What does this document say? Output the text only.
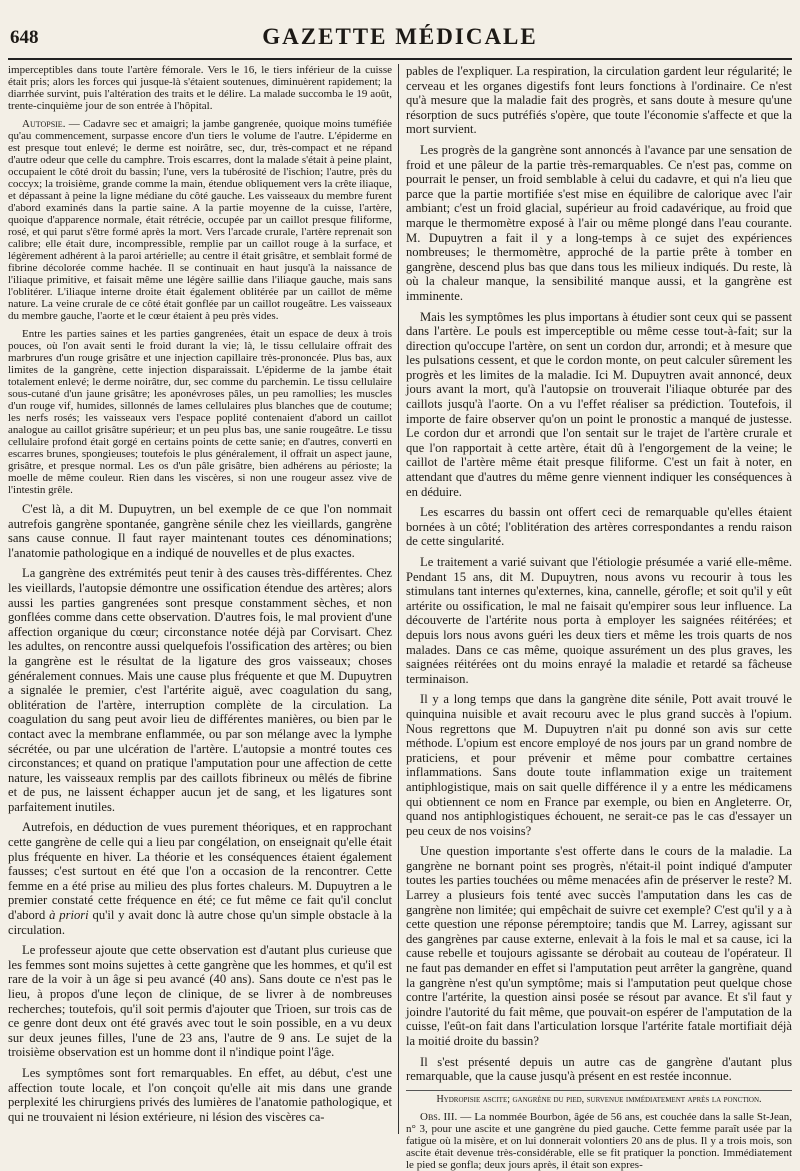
648	GAZETTE MÉDICALE

imperceptibles dans toute l'artère fémorale. Vers le 16, le tiers inférieur de la cuisse était pris; alors les forces qui jusque-là s'étaient soutenues, diminuèrent rapidement; la diarrhée survint, puis l'altération des traits et le délire. La malade succomba le 19 août, trente-cinquième jour de son entrée à l'hôpital.

Autopsie. — Cadavre sec et amaigri; la jambe gangrenée, quoique moins tuméfiée qu'au commencement, surpasse encore d'un tiers le volume de l'autre. L'épiderme en est presque tout enlevé; le derme est noirâtre, sec, dur, très-compact et ne répand d'autre odeur que celle du camphre. Trois escarres, dont la malade s'était à peine plaint, occupaient le côté droit du bassin; l'une, vers la tubérosité de l'ischion; l'autre, près du coccyx; la troisième, grande comme la main, étendue obliquement vers la crête iliaque, et dépassant à peine la ligne médiane du côté gauche. Les vaisseaux du membre furent d'abord examinés dans la partie saine. A la partie moyenne de la cuisse, l'artère, quoique d'apparence normale, était rétrécie, occupée par un caillot presque filiforme, rosé, et qui parut s'être formé après la mort. Vers l'arcade crurale, l'artère reprenait son calibre; elle était dure, incompressible, remplie par un caillot rouge à la surface, et légèrement adhérent à la paroi artérielle; au centre il était grisâtre, et semblait formé de fibrine décolorée comme hachée. Il se continuait en haut jusqu'à la naissance de l'iliaque primitive, et faisait même une légère saillie dans l'iliaque gauche, mais sans l'oblitérer. L'iliaque interne droite était également oblitérée par un caillot de même nature. La veine crurale de ce côté était gonflée par un caillot rougeâtre. Les vaisseaux du membre gauche, l'aorte et le cœur étaient à peu près vides.

Entre les parties saines et les parties gangrenées, était un espace de deux à trois pouces, où l'on avait senti le froid durant la vie; là, le tissu cellulaire offrait des marbrures d'un rouge grisâtre et une injection capillaire très-prononcée. Plus bas, aux limites de la gangrène, cette injection disparaissait. L'épiderme de la jambe était totalement enlevé; le derme noirâtre, dur, sec comme du parchemin. Le tissu cellulaire sous-cutané d'un jaune grisâtre; les aponévroses pâles, un peu ramollies; les muscles d'un rouge vif, humides, sillonnés de lames cellulaires plus blanches que de coutume; les nerfs rosés; les vaisseaux vers l'espace poplité contenaient d'abord un caillot analogue au caillot grisâtre supérieur; et un peu plus bas, une sanie rougeâtre. Le tissu cellulaire profond était gorgé en certains points de cette sanie; en d'autres, converti en escarres brunes, spongieuses; toutefois le plus généralement, il offrait un aspect jaune, grisâtre, et presque normal. Les os d'un pâle grisâtre, bien adhérens au périoste; la moelle de même couleur. Rien dans les viscères, si non une rougeur assez vive de l'intestin grêle.

C'est là, a dit M. Dupuytren, un bel exemple de ce que l'on nommait autrefois gangrène spontanée, gangrène sénile chez les vieillards, gangrène sans cause connue. Il faut rayer maintenant toutes ces dénominations; l'anatomie pathologique en a indiqué de nouvelles et de plus exactes.

La gangrène des extrémités peut tenir à des causes très-différentes. Chez les vieillards, l'autopsie démontre une ossification étendue des artères; alors aussi les parties gangrenées sont presque constamment sèches, et non gonflées comme dans cette observation. D'autres fois, le mal provient d'une affection organique du cœur; circonstance notée déjà par Corvisart. Chez les adultes, on rencontre aussi quelquefois l'ossification des artères; ou bien la gangrène est le résultat de la ligature des gros vaisseaux; choses généralement connues. Mais une cause plus fréquente et que M. Dupuytren a signalée le premier, c'est l'artérite aiguë, avec coagulation du sang, oblitération de l'artère, interruption complète de la circulation. La coagulation du sang peut avoir lieu de différentes manières, ou bien par le contact avec la membrane enflammée, ou par son mélange avec la lymphe sécrétée, ou par une ulcération de l'artère. L'autopsie a montré toutes ces circonstances; et quand on pratique l'amputation pour une affection de cette nature, les vaisseaux remplis par des caillots fibrineux ou mêlés de fibrine et de pus, ne laissent échapper aucun jet de sang, et les ligatures sont parfaitement inutiles.

Autrefois, en déduction de vues purement théoriques, et en rapprochant cette gangrène de celle qui a lieu par congélation, on enseignait qu'elle était plus fréquente en hiver. La théorie et les conséquences étaient également fausses; c'est surtout en été que l'on a occasion de la rencontrer. Cette femme en a été prise au milieu des plus fortes chaleurs. M. Dupuytren a le premier constaté cette fréquence en été; ce fut même ce fait qu'il conclut d'abord à priori qu'il y avait donc là autre chose qu'un simple obstacle à la circulation.

Le professeur ajoute que cette observation est d'autant plus curieuse que les femmes sont moins sujettes à cette gangrène que les hommes, et qu'il est rare de la voir à un âge si peu avancé (40 ans). Sans doute ce n'est pas le lieu, à propos d'une leçon de clinique, de se livrer à de nombreuses recherches; toutefois, qu'il soit permis d'ajouter que Trioen, sur trois cas de ce genre dont deux ont été gravés avec tout le soin possible, en a vu deux sur deux jeunes filles, l'une de 23 ans, l'autre de 9 ans. Le sujet de la troisième observation est un homme dont il n'indique point l'âge.

Les symptômes sont fort remarquables. En effet, au début, c'est une affection toute locale, et l'on conçoit qu'elle ait mis dans une grande perplexité les chirurgiens privés des lumières de l'anatomie pathologique, et qui ne trouvaient ni lésion extérieure, ni lésion des viscères ca-

pables de l'expliquer. La respiration, la circulation gardent leur régularité; le cerveau et les organes digestifs font leurs fonctions à l'ordinaire. Ce n'est qu'à mesure que la maladie fait des progrès, et sans doute à mesure qu'une résorption de sucs putréfiés s'opère, que toute l'économie s'affecte et que la mort survient.

Les progrès de la gangrène sont annoncés à l'avance par une sensation de froid et une pâleur de la partie très-remarquables. Ce n'est pas, comme on pourrait le penser, un froid semblable à celui du cadavre, et qui n'a lieu que parce que la partie mortifiée s'est mise en équilibre de calorique avec l'air ambiant; c'est un froid glacial, supérieur au froid cadavérique, au froid que marque le thermomètre exposé à l'air ou même plongé dans l'eau courante. M. Dupuytren a fait il y a long-temps à ce sujet des expériences nombreuses; le thermomètre, approché de la partie prête à tomber en gangrène, descend plus bas que dans tous les milieux indiqués. Du reste, là où la chaleur manque, la sensibilité manque aussi, et la gangrène est imminente.

Mais les symptômes les plus importans à étudier sont ceux qui se passent dans l'artère. Le pouls est imperceptible ou même cesse tout-à-fait; sur la direction qu'occupe l'artère, on sent un cordon dur, arrondi; et à mesure que les pulsations cessent, et que le cordon monte, on peut calculer sûrement les progrès et les limites de la maladie. Ici M. Dupuytren avait annoncé, deux jours avant la mort, qu'à l'autopsie on trouverait l'iliaque obturée par des caillots jusqu'à l'aorte. On a vu l'effet réaliser sa prédiction. Toutefois, il importe de faire observer qu'on un point le pronostic a manqué de justesse. Le cordon dur et arrondi que l'on sentait sur le trajet de l'artère crurale et que l'on rapportait à cette artère, était dû à l'engorgement de la veine; le caillot de l'artère même était presque filiforme. C'est un fait à noter, en attendant que d'autres du même genre viennent indiquer les conséquences à en déduire.

Les escarres du bassin ont offert ceci de remarquable qu'elles étaient bornées à un côté; l'oblitération des artères correspondantes a rendu raison de cette singularité.

Le traitement a varié suivant que l'étiologie présumée a varié elle-même. Pendant 15 ans, dit M. Dupuytren, nous avons vu recourir à tous les stimulans tant internes qu'externes, kina, cannelle, gérofle; et soit qu'il y eût artérite ou ossification, le mal ne faisait qu'empirer sous leur influence. La découverte de l'artérite nous porta à employer les saignées réitérées; et depuis lors nous avons guéri les deux tiers et même les trois quarts de nos malades. Dans ce cas même, quoique assurément un des plus graves, les saignées réitérées ont du moins enrayé la maladie et retardé sa fâcheuse terminaison.

Il y a long temps que dans la gangrène dite sénile, Pott avait trouvé le quinquina nuisible et avait recouru avec le plus grand succès à l'opium. Nous regrettons que M. Dupuytren n'ait pu donné son avis sur cette méthode. L'opium est encore employé de nos jours par un grand nombre de praticiens, et pour prévenir et même pour combattre certaines inflammations. Sans doute toute inflammation exige un traitement antiphlogistique, mais on sait quelle différence il y a entre les médicamens qui obtiennent ce nom en France par exemple, ou bien en Angleterre. Or, quand nos antiphlogistiques échouent, ne serait-ce pas le cas d'essayer un peu ceux de nos voisins?

Une question importante s'est offerte dans le cours de la maladie. La gangrène ne bornant point ses progrès, n'était-il point indiqué d'amputer toutes les parties touchées ou même menacées afin de préserver le reste? M. Larrey a plusieurs fois tenté avec succès l'amputation dans les cas de gangrène non limitée; qui empêchait de suivre cet exemple? C'est qu'il y a à cette question une réponse péremptoire; tandis que M. Larrey, agissant sur des gangrènes par cause externe, enlevait à la fois le mal et sa cause, ici la cause rebelle et toujours agissante se dérobait au couteau de l'opérateur. Il ne faut pas demander en effet si l'amputation peut arrêter la gangrène, quand la gangrène n'est qu'un symptôme; mais si l'amputation peut quelque chose contre l'artérite, la question ainsi posée se résout par avance. Et s'il faut y joindre l'autorité du fait même, que pouvait-on espérer de l'amputation de la cuisse, l'eût-on fait dans l'articulation lorsque l'artérite fatale mortifiait déjà la moitié droite du bassin?

Il s'est présenté depuis un autre cas de gangrène d'autant plus remarquable, que la cause jusqu'à présent en est restée inconnue.

Hydropisie ascite; gangrène du pied, survenue immédiatement après la ponction.

Obs. III. — La nommée Bourbon, âgée de 56 ans, est couchée dans la salle St-Jean, n° 3, pour une ascite et une gangrène du pied gauche. Cette femme paraît usée par la fatigue où la misère, et on lui donnerait volontiers 20 ans de plus. Il y a trois mois, son ascite était devenue très-considérable, elle se fit pratiquer la ponction. Immédiatement le pied se gonfla; deux jours après, il était son expres-
